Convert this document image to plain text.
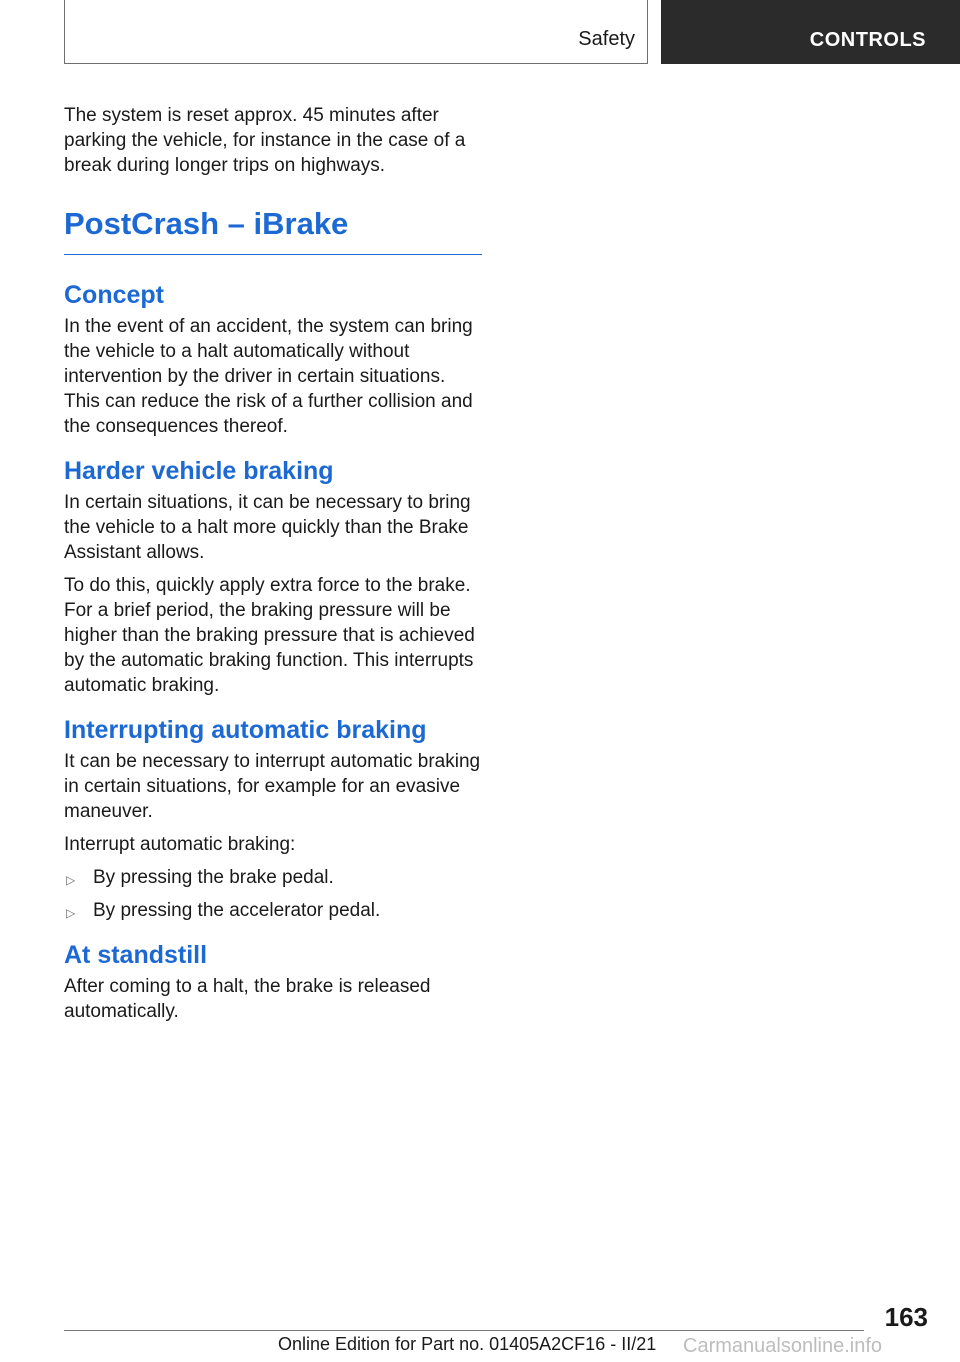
Safety	CONTROLS

The system is reset approx. 45 minutes after parking the vehicle, for instance in the case of a break during longer trips on highways.

PostCrash – iBrake
Concept

In the event of an accident, the system can bring the vehicle to a halt automatically without intervention by the driver in certain situations. This can reduce the risk of a further collision and the consequences thereof.

Harder vehicle braking

In certain situations, it can be necessary to bring the vehicle to a halt more quickly than the Brake Assistant allows.

To do this, quickly apply extra force to the brake. For a brief period, the braking pressure will be higher than the braking pressure that is achieved by the automatic braking function. This interrupts automatic braking.

Interrupting automatic braking

It can be necessary to interrupt automatic braking in certain situations, for example for an evasive maneuver.

Interrupt automatic braking:

▷ By pressing the brake pedal.
▷ By pressing the accelerator pedal.
At standstill

After coming to a halt, the brake is released automatically.

163
Online Edition for Part no. 01405A2CF16 - II/21 Carmanualsonline.info
